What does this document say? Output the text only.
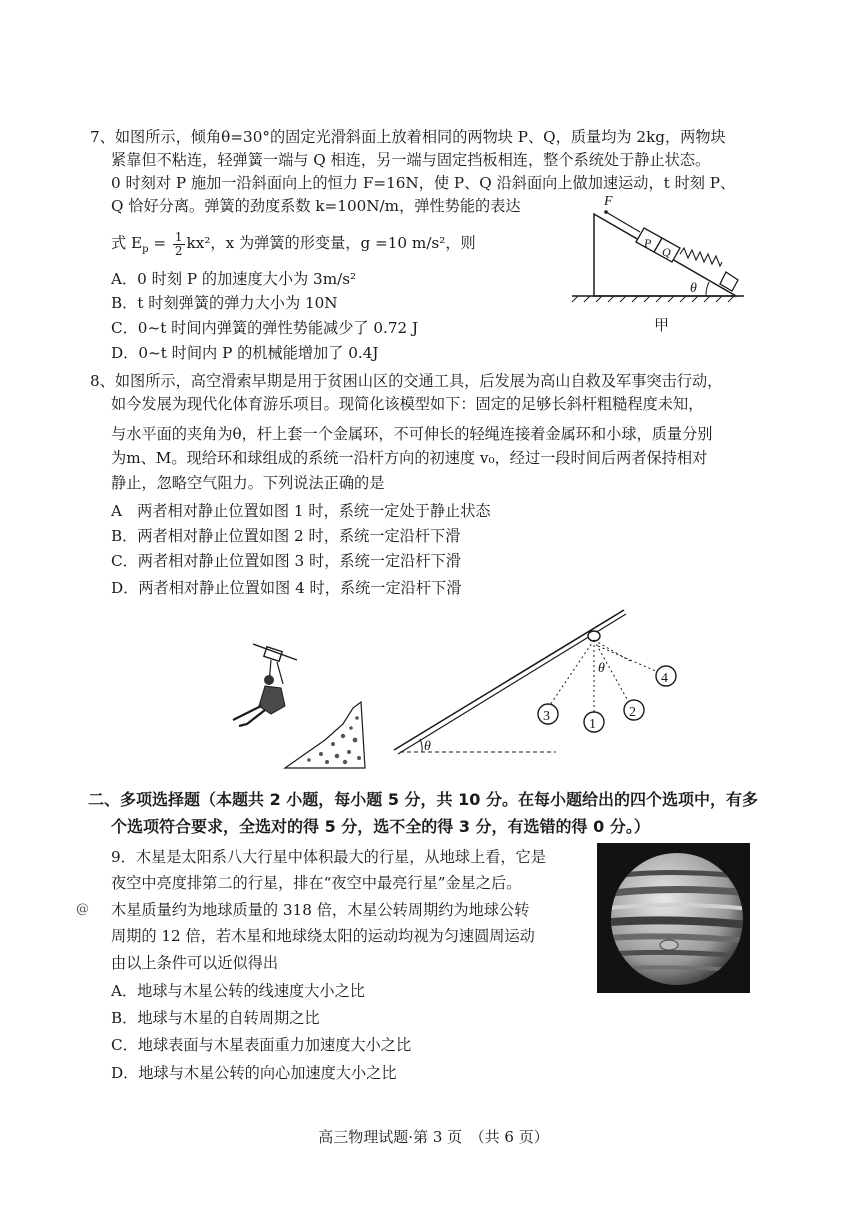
7、如图所示，倾角θ=30°的固定光滑斜面上放着相同的两物块 P、Q，质量均为 2kg，两物块
紧靠但不粘连，轻弹簧一端与 Q 相连，另一端与固定挡板相连，整个系统处于静止状态。
0 时刻对 P 施加一沿斜面向上的恒力 F=16N，使 P、Q 沿斜面向上做加速运动，t 时刻 P、
Q 恰好分离。弹簧的劲度系数 k=100N/m，弹性势能的表达
式 $E_p = \frac{1}{2} kx^2$，x 为弹簧的形变量，g =10 m/s²，则
A．0 时刻 P 的加速度大小为 3m/s²
B．t 时刻弹簧的弹力大小为 10N
C．0~t 时间内弹簧的弹性势能减少了 0.72 J
D．0~t 时间内 P 的机械能增加了 0.4J
F
P
Q
θ
甲
8、如图所示，高空滑索早期是用于贫困山区的交通工具，后发展为高山自救及军事突击行动，
如今发展为现代化体育游乐项目。现简化该模型如下：固定的足够长斜杆粗糙程度未知，
与水平面的夹角为θ，杆上套一个金属环，不可伸长的轻绳连接着金属环和小球，质量分别
为m、M。现给环和球组成的系统一沿杆方向的初速度 v₀，经过一段时间后两者保持相对
静止，忽略空气阻力。下列说法正确的是
A　两者相对静止位置如图 1 时，系统一定处于静止状态
B．两者相对静止位置如图 2 时，系统一定沿杆下滑
C．两者相对静止位置如图 3 时，系统一定沿杆下滑
D．两者相对静止位置如图 4 时，系统一定沿杆下滑
θ
θ
1
2
3
4
二、多项选择题（本题共 2 小题，每小题 5 分，共 10 分。在每小题给出的四个选项中，有多
个选项符合要求，全选对的得 5 分，选不全的得 3 分，有选错的得 0 分。）
9．木星是太阳系八大行星中体积最大的行星，从地球上看，它是
夜空中亮度排第二的行星，排在“夜空中最亮行星”金星之后。
@ 木星质量约为地球质量的 318 倍，木星公转周期约为地球公转
周期的 12 倍，若木星和地球绕太阳的运动均视为匀速圆周运动
由以上条件可以近似得出
A．地球与木星公转的线速度大小之比
B．地球与木星的自转周期之比
C．地球表面与木星表面重力加速度大小之比
D．地球与木星公转的向心加速度大小之比
高三物理试题·第 3 页　（共 6 页）
